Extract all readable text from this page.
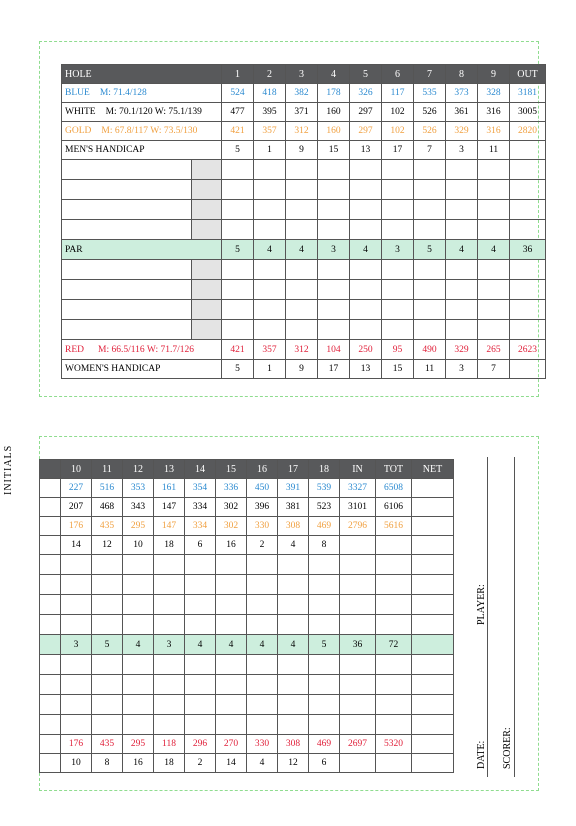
HOLE		1	2	3	4	5	6	7	8	9	OUT
BLUE M: 71.4/128		524	418	382	178	326	117	535	373	328	3181
WHITE M: 70.1/120 W: 75.1/139		477	395	371	160	297	102	526	361	316	3005
GOLD M: 67.8/117 W: 73.5/130		421	357	312	160	297	102	526	329	316	2820
MEN'S HANDICAP		5	1	9	15	13	17	7	3	11	

PAR		5	4	4	3	4	3	5	4	4	36

RED M: 66.5/116 W: 71.7/126		421	357	312	104	250	95	490	329	265	2623
WOMEN'S HANDICAP		5	1	9	17	13	15	11	3	7	
	10	11	12	13	14	15	16	17	18	IN	TOT	NET
	227	516	353	161	354	336	450	391	539	3327	6508	
	207	468	343	147	334	302	396	381	523	3101	6106	
	176	435	295	147	334	302	330	308	469	2796	5616	
	14	12	10	18	6	16	2	4	8			

	3	5	4	3	4	4	4	4	5	36	72	

	176	435	295	118	296	270	330	308	469	2697	5320	
	10	8	16	18	2	14	4	12	6			
PLAYER:
DATE: SCORER:
INITIALS
